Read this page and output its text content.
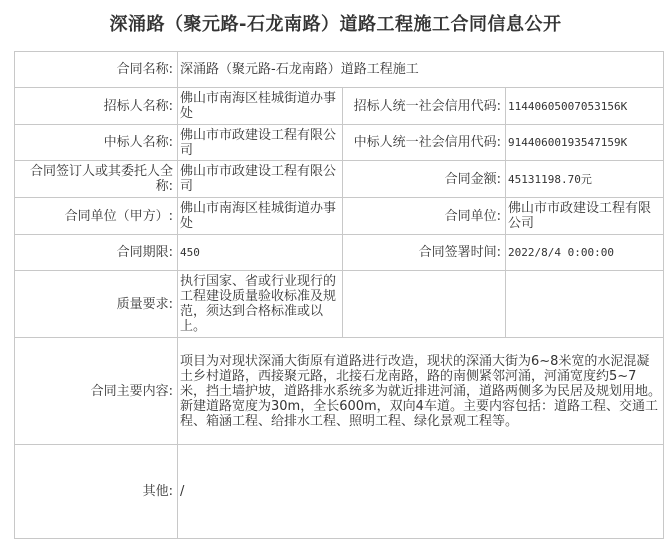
深涌路（聚元路-石龙南路）道路工程施工合同信息公开
合同名称:	深涌路（聚元路-石龙南路）道路工程施工		
招标人名称:	佛山市南海区桂城街道办事处	招标人统一社会信用代码:	11440605007053156K
中标人名称:	佛山市市政建设工程有限公司	中标人统一社会信用代码:	91440600193547159K
合同签订人或其委托人全称:	佛山市市政建设工程有限公司	合同金额:	45131198.70元
合同单位（甲方）:	佛山市南海区桂城街道办事处	合同单位:	佛山市市政建设工程有限公司
合同期限:	450	合同签署时间:	2022/8/4 0:00:00
质量要求:	执行国家、省或行业现行的工程建设质量验收标准及规范，须达到合格标准或以上。		
合同主要内容:	项目为对现状深涌大街原有道路进行改造，现状的深涌大街为6~8米宽的水泥混凝土乡村道路，西接聚元路，北接石龙南路，路的南侧紧邻河涌，河涌宽度约5~7米，挡土墙护坡，道路排水系统多为就近排进河涌，道路两侧多为民居及规划用地。新建道路宽度为30m，全长600m，双向4车道。主要内容包括：道路工程、交通工程、箱涵工程、给排水工程、照明工程、绿化景观工程等。		
其他:	/		
